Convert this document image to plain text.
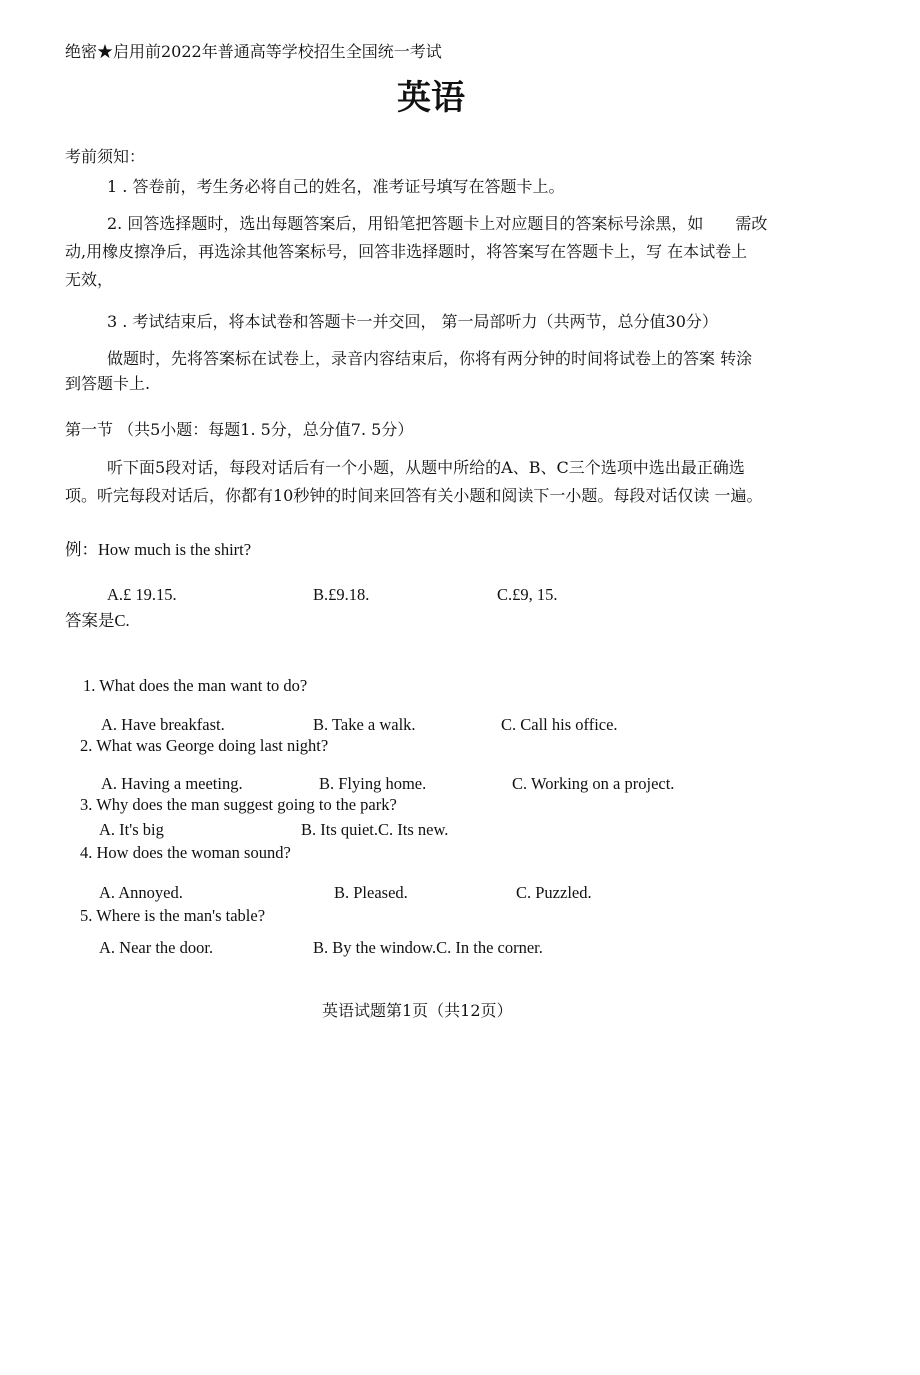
绝密★启用前2022年普通高等学校招生全国统一考试
英语
考前须知：
1 . 答卷前，考生务必将自己的姓名，准考证号填写在答题卡上。
2. 回答选择题时，选出每题答案后，用铅笔把答题卡上对应题目的答案标号涂黑，如　　需改
动,用橡皮擦净后，再选涂其他答案标号，回答非选择题时，将答案写在答题卡上，写 在本试卷上
无效，
3 . 考试结束后，将本试卷和答题卡一并交回， 第一局部听力（共两节，总分值30分）
做题时，先将答案标在试卷上，录音内容结束后，你将有两分钟的时间将试卷上的答案 转涂
到答题卡上.
第一节 （共5小题：每题1. 5分，总分值7. 5分）
听下面5段对话，每段对话后有一个小题，从题中所给的A、B、C三个选项中选出最正确选
项。听完每段对话后，你都有10秒钟的时间来回答有关小题和阅读下一小题。每段对话仅读 一遍。
例：How much is the shirt?
A.£ 19.15.	B.£9.18.	C.£9, 15.
答案是C.
1. What does the man want to do?
A. Have breakfast.	B. Take a walk.	C. Call his office.
2. What was George doing last night?
A. Having a meeting.	B. Flying home.	C. Working on a project.
3. Why does the man suggest going to the park?
A. It's big	B. Its quiet.C. Its new.
4. How does the woman sound?
A. Annoyed.	B. Pleased.	C. Puzzled.
5. Where is the man's table?
A. Near the door.	B. By the window.C. In the corner.
英语试题第1页（共12页）
